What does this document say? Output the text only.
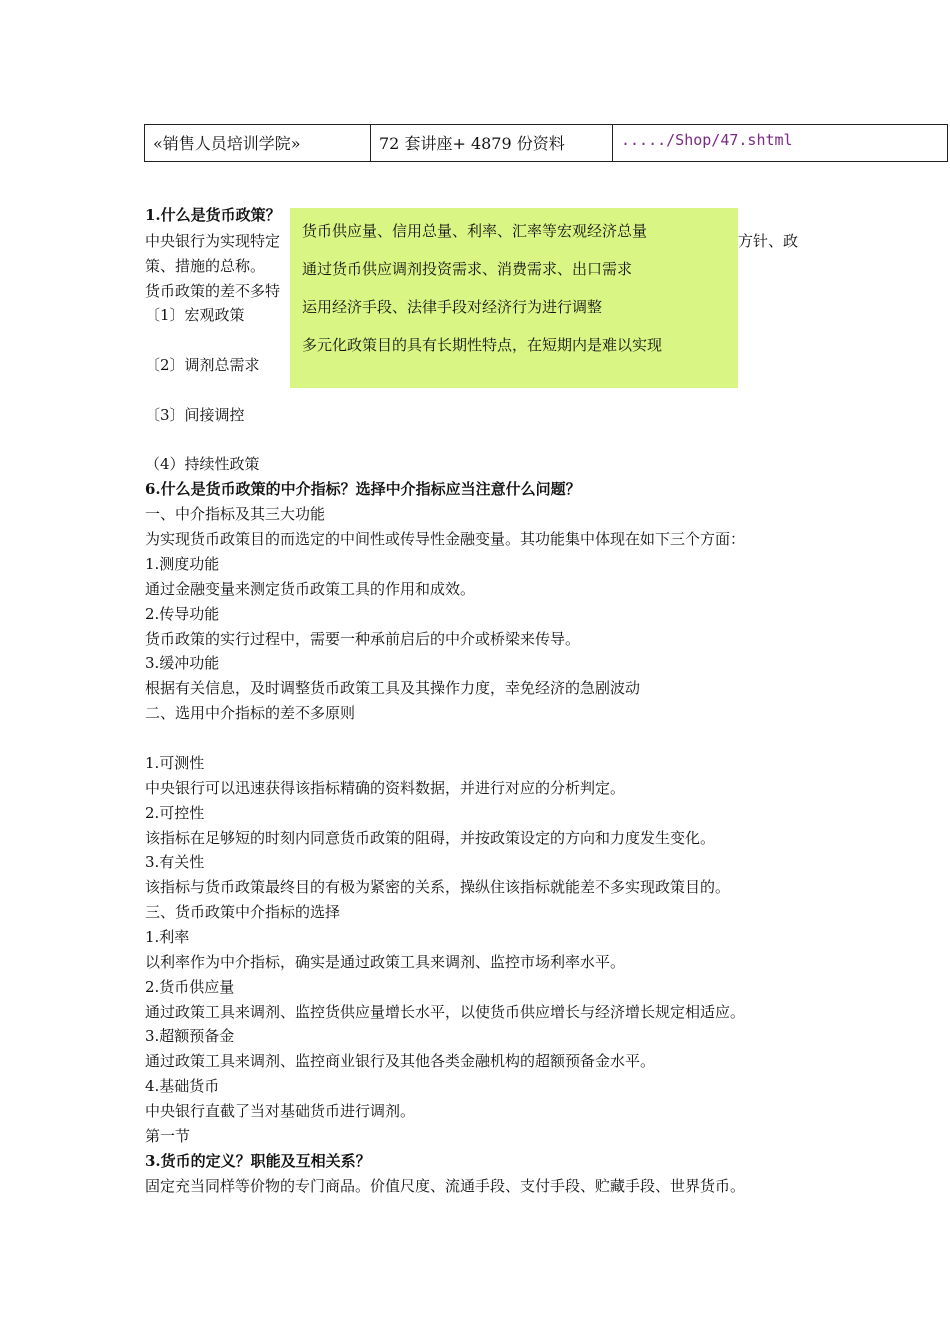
«销售人员培训学院»	72 套讲座+ 4879 份资料	...../Shop/47.shtml
1.什么是货币政策？
中央银行为实现特定	方针、政
策、措施的总称。
货币政策的差不多特
〔1〕宏观政策
〔2〕调剂总需求
〔3〕间接调控
（4）持续性政策
6.什么是货币政策的中介指标？选择中介指标应当注意什么问题？
一、中介指标及其三大功能
为实现货币政策目的而选定的中间性或传导性金融变量。其功能集中体现在如下三个方面：
1.测度功能
通过金融变量来测定货币政策工具的作用和成效。
2.传导功能
货币政策的实行过程中，需要一种承前启后的中介或桥梁来传导。
3.缓冲功能
根据有关信息，及时调整货币政策工具及其操作力度，幸免经济的急剧波动
二、选用中介指标的差不多原则
1.可测性
中央银行可以迅速获得该指标精确的资料数据，并进行对应的分析判定。
2.可控性
该指标在足够短的时刻内同意货币政策的阻碍，并按政策设定的方向和力度发生变化。
3.有关性
该指标与货币政策最终目的有极为紧密的关系，操纵住该指标就能差不多实现政策目的。
三、货币政策中介指标的选择
1.利率
以利率作为中介指标，确实是通过政策工具来调剂、监控市场利率水平。
2.货币供应量
通过政策工具来调剂、监控货供应量增长水平，以使货币供应增长与经济增长规定相适应。
3.超额预备金
通过政策工具来调剂、监控商业银行及其他各类金融机构的超额预备金水平。
4.基础货币
中央银行直截了当对基础货币进行调剂。
第一节
3.货币的定义？职能及互相关系？
固定充当同样等价物的专门商品。价值尺度、流通手段、支付手段、贮藏手段、世界货币。
货币供应量、信用总量、利率、汇率等宏观经济总量
通过货币供应调剂投资需求、消费需求、出口需求
运用经济手段、法律手段对经济行为进行调整
多元化政策目的具有长期性特点，在短期内是难以实现
